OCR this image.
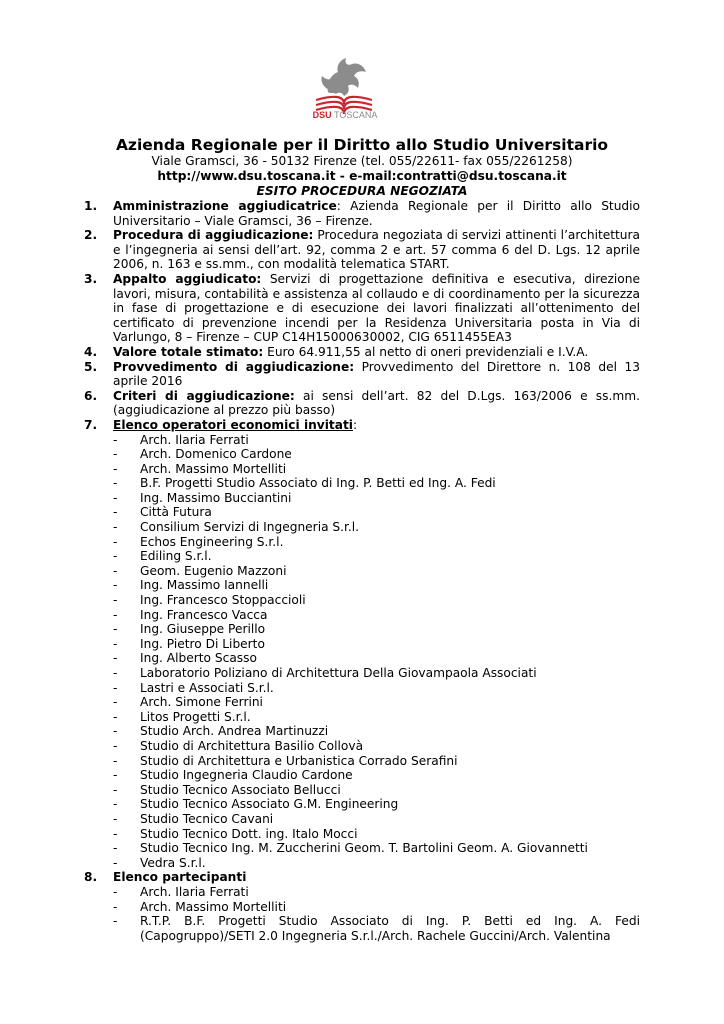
DSU TOSCANA
Azienda Regionale per il Diritto allo Studio Universitario
Viale Gramsci, 36 - 50132 Firenze (tel. 055/22611- fax 055/2261258)
http://www.dsu.toscana.it - e-mail:contratti@dsu.toscana.it
ESITO PROCEDURA NEGOZIATA
1. Amministrazione aggiudicatrice: Azienda Regionale per il Diritto allo Studio Universitario – Viale Gramsci, 36 – Firenze.
2. Procedura di aggiudicazione: Procedura negoziata di servizi attinenti l’architettura e l’ingegneria ai sensi dell’art. 92, comma 2 e art. 57 comma 6 del D. Lgs. 12 aprile 2006, n. 163 e ss.mm., con modalità telematica START.
3. Appalto aggiudicato: Servizi di progettazione definitiva e esecutiva, direzione lavori, misura, contabilità e assistenza al collaudo e di coordinamento per la sicurezza in fase di progettazione e di esecuzione dei lavori finalizzati all’ottenimento del certificato di prevenzione incendi per la Residenza Universitaria posta in Via di Varlungo, 8 – Firenze – CUP C14H15000630002, CIG 6511455EA3
4. Valore totale stimato: Euro 64.911,55 al netto di oneri previdenziali e I.V.A.
5. Provvedimento di aggiudicazione: Provvedimento del Direttore n. 108 del 13 aprile 2016
6. Criteri di aggiudicazione: ai sensi dell’art. 82 del D.Lgs. 163/2006 e ss.mm. (aggiudicazione al prezzo più basso)
7. Elenco operatori economici invitati:
- Arch. Ilaria Ferrati
- Arch. Domenico Cardone
- Arch. Massimo Mortelliti
- B.F. Progetti Studio Associato di Ing. P. Betti ed Ing. A. Fedi
- Ing. Massimo Bucciantini
- Città Futura
- Consilium Servizi di Ingegneria S.r.l.
- Echos Engineering S.r.l.
- Ediling S.r.l.
- Geom. Eugenio Mazzoni
- Ing. Massimo Iannelli
- Ing. Francesco Stoppaccioli
- Ing. Francesco Vacca
- Ing. Giuseppe Perillo
- Ing. Pietro Di Liberto
- Ing. Alberto Scasso
- Laboratorio Poliziano di Architettura Della Giovampaola Associati
- Lastri e Associati S.r.l.
- Arch. Simone Ferrini
- Litos Progetti S.r.l.
- Studio Arch. Andrea Martinuzzi
- Studio di Architettura Basilio Collovà
- Studio di Architettura e Urbanistica Corrado Serafini
- Studio Ingegneria Claudio Cardone
- Studio Tecnico Associato Bellucci
- Studio Tecnico Associato G.M. Engineering
- Studio Tecnico Cavani
- Studio Tecnico Dott. ing. Italo Mocci
- Studio Tecnico Ing. M. Zuccherini Geom. T. Bartolini Geom. A. Giovannetti
- Vedra S.r.l.
8. Elenco partecipanti
- Arch. Ilaria Ferrati
- Arch. Massimo Mortelliti
- R.T.P. B.F. Progetti Studio Associato di Ing. P. Betti ed Ing. A. Fedi (Capogruppo)/SETI 2.0 Ingegneria S.r.l./Arch. Rachele Guccini/Arch. Valentina
